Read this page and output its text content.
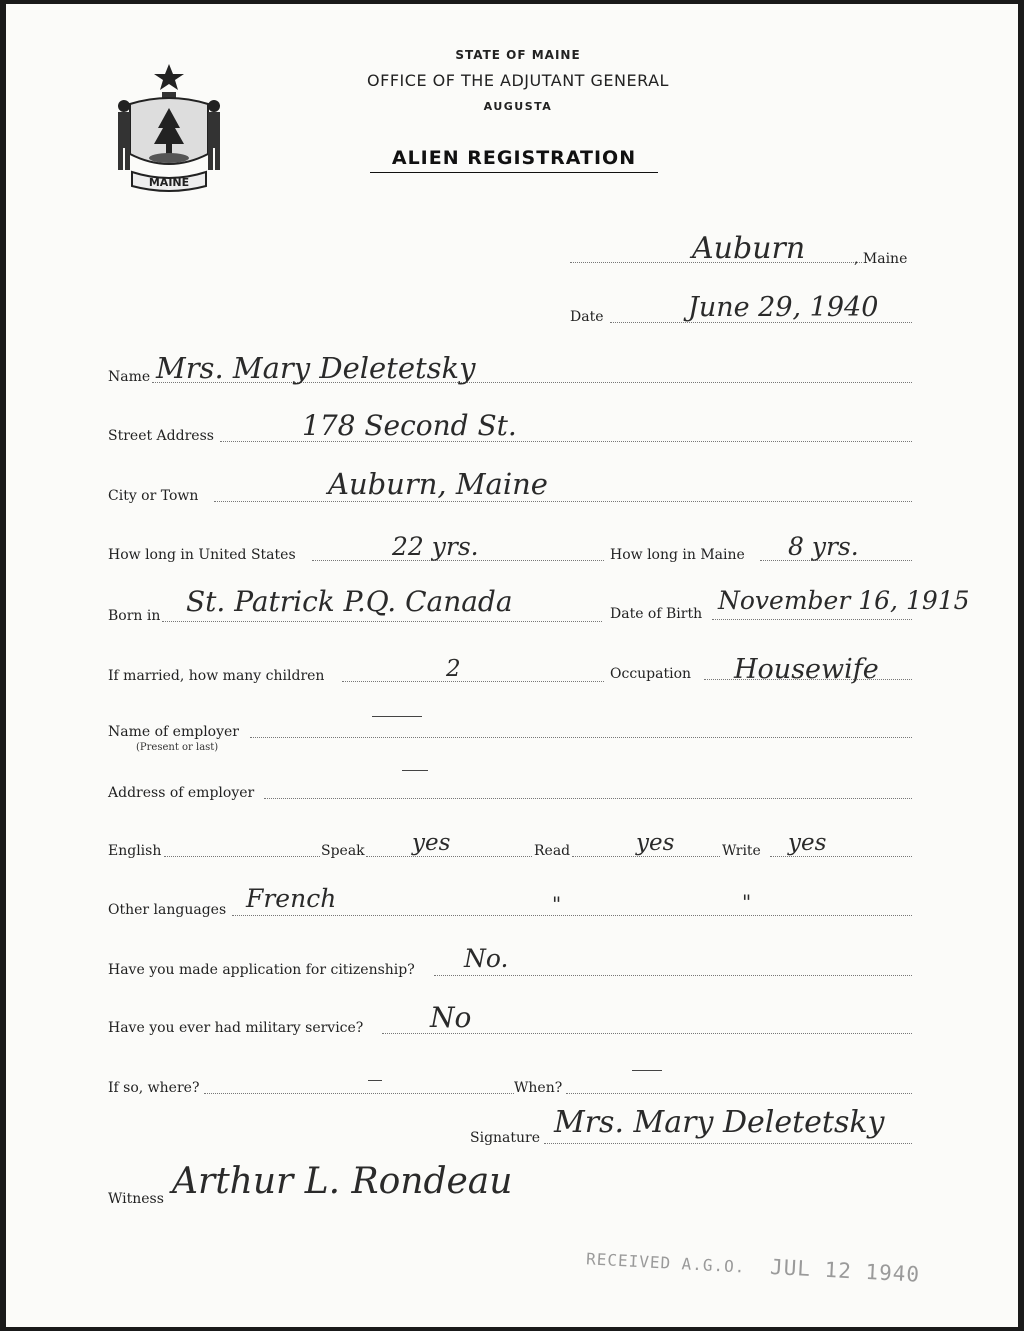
MAINE
STATE OF MAINE
OFFICE OF THE ADJUTANT GENERAL
AUGUSTA
ALIEN REGISTRATION
Auburn	, Maine
Date	June 29, 1940
Name Mrs. Mary Deletetsky
Street Address	178 Second St.
City or Town	Auburn, Maine
How long in United States	22 yrs.	How long in Maine 8 yrs.
Born in St. Patrick P.Q. Canada	Date of Birth November 16, 1915
If married, how many children	2	Occupation Housewife
Name of employer
(Present or last)
Address of employer
English	Speak yes	Read	yes	Write yes
Other languages French	"	"
Have you made application for citizenship? No.
Have you ever had military service? No
If so, where?	When?
Signature Mrs. Mary Deletetsky
Witness Arthur L. Rondeau
RECEIVED A.G.O. JUL 12 1940
